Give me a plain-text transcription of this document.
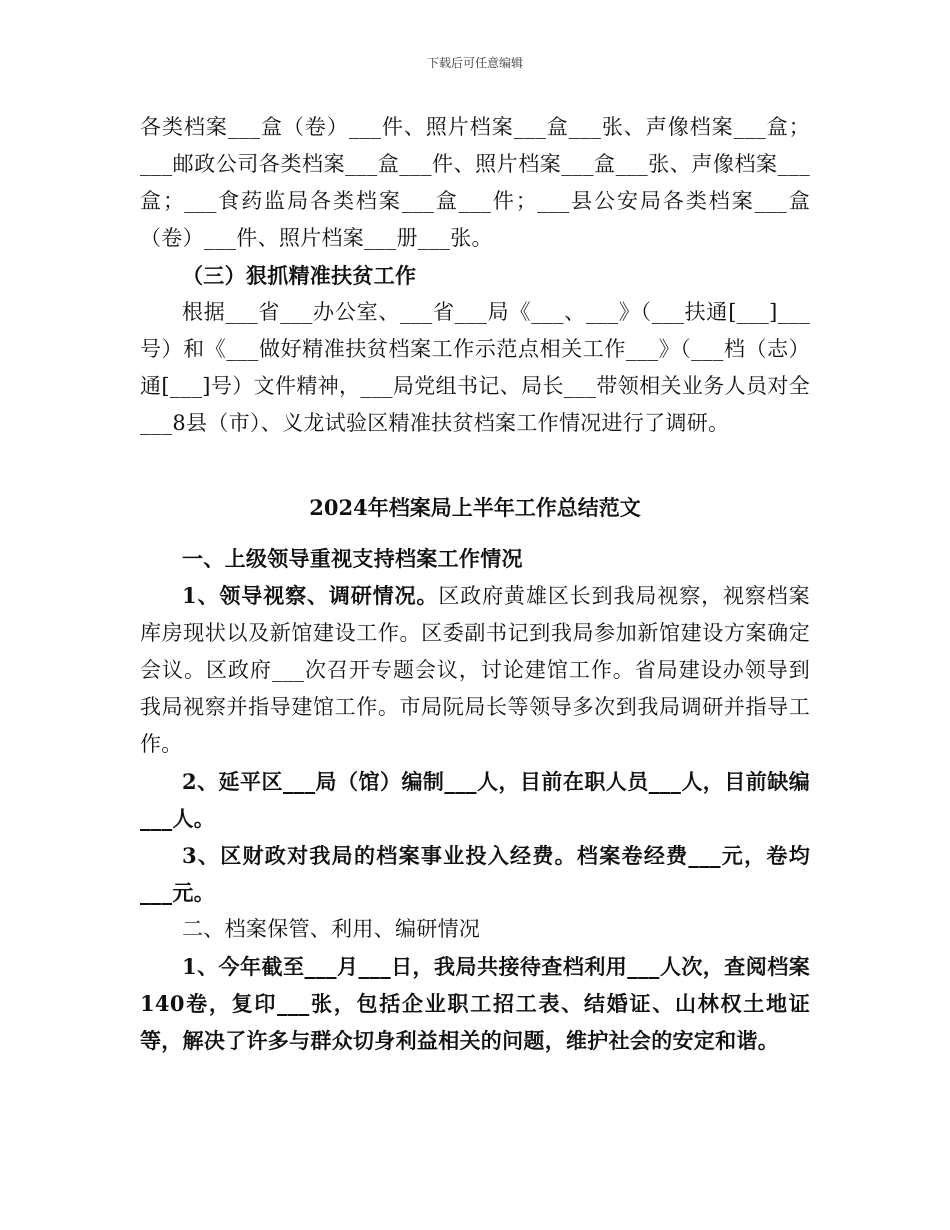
下载后可任意编辑

各类档案___盒（卷）___件、照片档案___盒___张、声像档案___盒；___邮政公司各类档案___盒___件、照片档案___盒___张、声像档案___盒；___食药监局各类档案___盒___件；___县公安局各类档案___盒（卷）___件、照片档案___册___张。

（三）狠抓精准扶贫工作

根据___省___办公室、___省___局《___、___》（___扶通[___]___号）和《___做好精准扶贫档案工作示范点相关工作___》（___档（志）通[___]号）文件精神，___局党组书记、局长___带领相关业务人员对全___8县（市）、义龙试验区精准扶贫档案工作情况进行了调研。

2024年档案局上半年工作总结范文

一、上级领导重视支持档案工作情况

1、领导视察、调研情况。区政府黄雄区长到我局视察，视察档案库房现状以及新馆建设工作。区委副书记到我局参加新馆建设方案确定会议。区政府___次召开专题会议，讨论建馆工作。省局建设办领导到我局视察并指导建馆工作。市局阮局长等领导多次到我局调研并指导工作。

2、延平区___局（馆）编制___人，目前在职人员___人，目前缺编___人。

3、区财政对我局的档案事业投入经费。档案卷经费___元，卷均___元。

二、档案保管、利用、编研情况

1、今年截至___月___日，我局共接待查档利用___人次，查阅档案140卷，复印___张，包括企业职工招工表、结婚证、山林权土地证等，解决了许多与群众切身利益相关的问题，维护社会的安定和谐。
